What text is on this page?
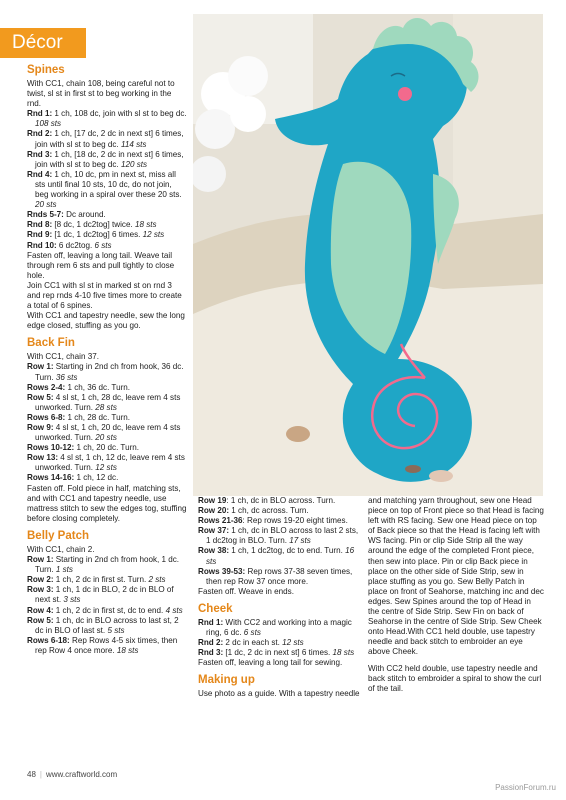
Décor
Spines
With CC1, chain 108, being careful not to twist, sl st in first st to beg working in the rnd.
Rnd 1: 1 ch, 108 dc, join with sl st to beg dc. 108 sts
Rnd 2: 1 ch, [17 dc, 2 dc in next st] 6 times, join with sl st to beg dc. 114 sts
Rnd 3: 1 ch, [18 dc, 2 dc in next st] 6 times, join with sl st to beg dc. 120 sts
Rnd 4: 1 ch, 10 dc, pm in next st, miss all sts until final 10 sts, 10 dc, do not join, beg working in a spiral over these 20 sts. 20 sts
Rnds 5-7: Dc around.
Rnd 8: [8 dc, 1 dc2tog] twice. 18 sts
Rnd 9: [1 dc, 1 dc2tog] 6 times. 12 sts
Rnd 10: 6 dc2tog. 6 sts
Fasten off, leaving a long tail. Weave tail through rem 6 sts and pull tightly to close hole.
Join CC1 with sl st in marked st on rnd 3 and rep rnds 4-10 five times more to create a total of 6 spines.
With CC1 and tapestry needle, sew the long edge closed, stuffing as you go.
Back Fin
With CC1, chain 37.
Row 1: Starting in 2nd ch from hook, 36 dc. Turn. 36 sts
Rows 2-4: 1 ch, 36 dc. Turn.
Row 5: 4 sl st, 1 ch, 28 dc, leave rem 4 sts unworked. Turn. 28 sts
Rows 6-8: 1 ch, 28 dc. Turn.
Row 9: 4 sl st, 1 ch, 20 dc, leave rem 4 sts unworked. Turn. 20 sts
Rows 10-12: 1 ch, 20 dc. Turn.
Row 13: 4 sl st, 1 ch, 12 dc, leave rem 4 sts unworked. Turn. 12 sts
Rows 14-16: 1 ch, 12 dc.
Fasten off. Fold piece in half, matching sts, and with CC1 and tapestry needle, use mattress stitch to sew the edges tog, stuffing before closing completely.
Belly Patch
With CC1, chain 2.
Row 1: Starting in 2nd ch from hook, 1 dc. Turn. 1 sts
Row 2: 1 ch, 2 dc in first st. Turn. 2 sts
Row 3: 1 ch, 1 dc in BLO, 2 dc in BLO of next st. 3 sts
Row 4: 1 ch, 2 dc in first st, dc to end. 4 sts
Row 5: 1 ch, dc in BLO across to last st, 2 dc in BLO of last st. 5 sts
Rows 6-18: Rep Rows 4-5 six times, then rep Row 4 once more. 18 sts
Row 19: 1 ch, dc in BLO across. Turn.
Row 20: 1 ch, dc across. Turn.
Rows 21-36: Rep rows 19-20 eight times.
Row 37: 1 ch, dc in BLO across to last 2 sts, 1 dc2tog in BLO. Turn. 17 sts
Row 38: 1 ch, 1 dc2tog, dc to end. Turn. 16 sts
Rows 39-53: Rep rows 37-38 seven times, then rep Row 37 once more.
Fasten off. Weave in ends.
Cheek
Rnd 1: With CC2 and working into a magic ring, 6 dc. 6 sts
Rnd 2: 2 dc in each st. 12 sts
Rnd 3: [1 dc, 2 dc in next st] 6 times. 18 sts
Fasten off, leaving a long tail for sewing.
Making up
Use photo as a guide. With a tapestry needle
and matching yarn throughout, sew one Head piece on top of Front piece so that Head is facing left with RS facing. Sew one Head piece on top of Back piece so that the Head is facing left with WS facing. Pin or clip Side Strip all the way around the edge of the completed Front piece, then sew into place. Pin or clip Back piece in place on the other side of Side Strip, sew in place stuffing as you go. Sew Belly Patch in place on front of Seahorse, matching inc and dec edges. Sew Spines around the top of Head in the centre of Side Strip. Sew Fin on back of Seahorse in the centre of Side Strip. Sew Cheek onto Head.With CC1 held double, use tapestry needle and back stitch to embroider an eye above Cheek.
With CC2 held double, use tapestry needle and back stitch to embroider a spiral to show the curl of the tail.
48 | www.craftworld.com
PassionForum.ru
